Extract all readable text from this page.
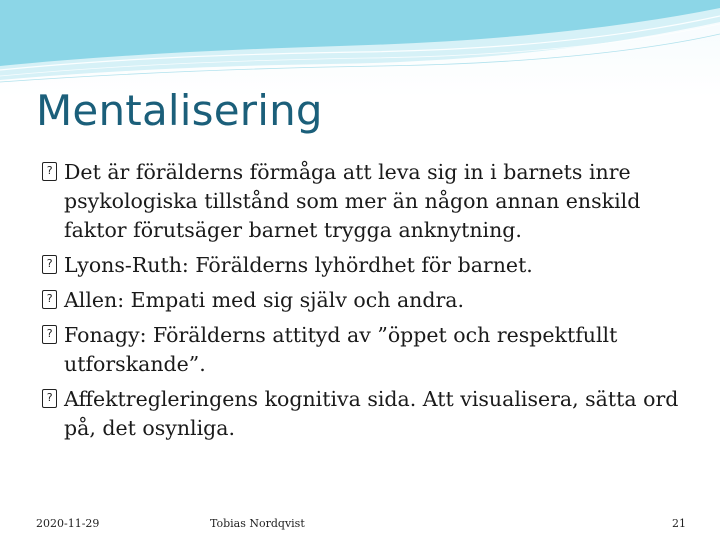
Mentalisering
? Det är förälderns förmåga att leva sig in i barnets inre psykologiska tillstånd som mer än någon annan enskild faktor förutsäger barnet trygga anknytning.
? Lyons-Ruth: Förälderns lyhördhet för barnet.
? Allen: Empati med sig själv och andra.
? Fonagy: Förälderns attityd av ”öppet och respektfullt utforskande”.
? Affektregleringens kognitiva sida. Att visualisera, sätta ord på, det osynliga.
2020-11-29	Tobias Nordqvist	21
